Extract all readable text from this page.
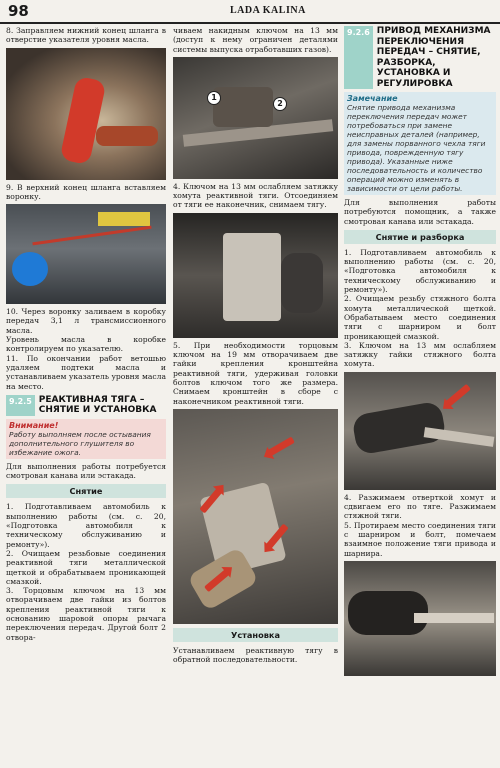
98	LADA KALINA

8. Заправляем нижний конец шланга в отверстие указателя уровня масла.

9. В верхний конец шланга вставляем воронку.

10. Через воронку заливаем в коробку передач 3,1 л трансмиссионного масла.

Уровень масла в коробке контролируем по указателю.

11. По окончании работ ветошью удаляем подтеки масла и устанавливаем указатель уровня масла на место.

9.2.5 РЕАКТИВНАЯ ТЯГА – СНЯТИЕ И УСТАНОВКА
Внимание!
Работу выполняем после остывания дополнительного глушителя во избежание ожога.

Для выполнения работы потребуется смотровая канава или эстакада.

Снятие

1. Подготавливаем автомобиль к выполнению работы (см. с. 20, «Подготовка автомобиля к техническому обслуживанию и ремонту»).

2. Очищаем резьбовые соединения реактивной тяги металлической щеткой и обрабатываем проникающей смазкой.

3. Торцовым ключом на 13 мм отворачиваем две гайки из болтов крепления реактивной тяги к основанию шаровой опоры рычага переключения передач. Другой болт 2 отвора-

чиваем накидным ключом на 13 мм (доступ к нему ограничен деталями системы выпуска отработавших газов).

1
2

4. Ключом на 13 мм ослабляем затяжку хомута реактивной тяги. Отсоединяем от тяги ее наконечник, снимаем тягу.

5. При необходимости торцовым ключом на 19 мм отворачиваем две гайки крепления кронштейна реактивной тяги, удерживая головки болтов ключом того же размера. Снимаем кронштейн в сборе с наконечником реактивной тяги.

Установка

Устанавливаем реактивную тягу в обратной последовательности.

9.2.6 ПРИВОД МЕХАНИЗМА ПЕРЕКЛЮЧЕНИЯ ПЕРЕДАЧ – СНЯТИЕ, РАЗБОРКА, УСТАНОВКА И РЕГУЛИРОВКА
Замечание
Снятие привода механизма переключения передач может потребоваться при замене неисправных деталей (например, для замены порванного чехла тяги привода, поврежденную тягу привода). Указанные ниже последовательность и количество операций можно изменять в зависимости от цели работы.

Для выполнения работы потребуются помощник, а также смотровая канава или эстакада.

Снятие и разборка

1. Подготавливаем автомобиль к выполнению работы (см. с. 20, «Подготовка автомобиля к техническому обслуживанию и ремонту»).

2. Очищаем резьбу стяжного болта хомута металлической щеткой. Обрабатываем место соединения тяги с шарниром и болт проникающей смазкой.

3. Ключом на 13 мм ослабляем затяжку гайки стяжного болта хомута.

4. Разжимаем отверткой хомут и сдвигаем его по тяге. Разжимаем стяжной тяги.

5. Протираем место соединения тяги с шарниром и болт, помечаем взаимное положение тяги привода и шарнира.
